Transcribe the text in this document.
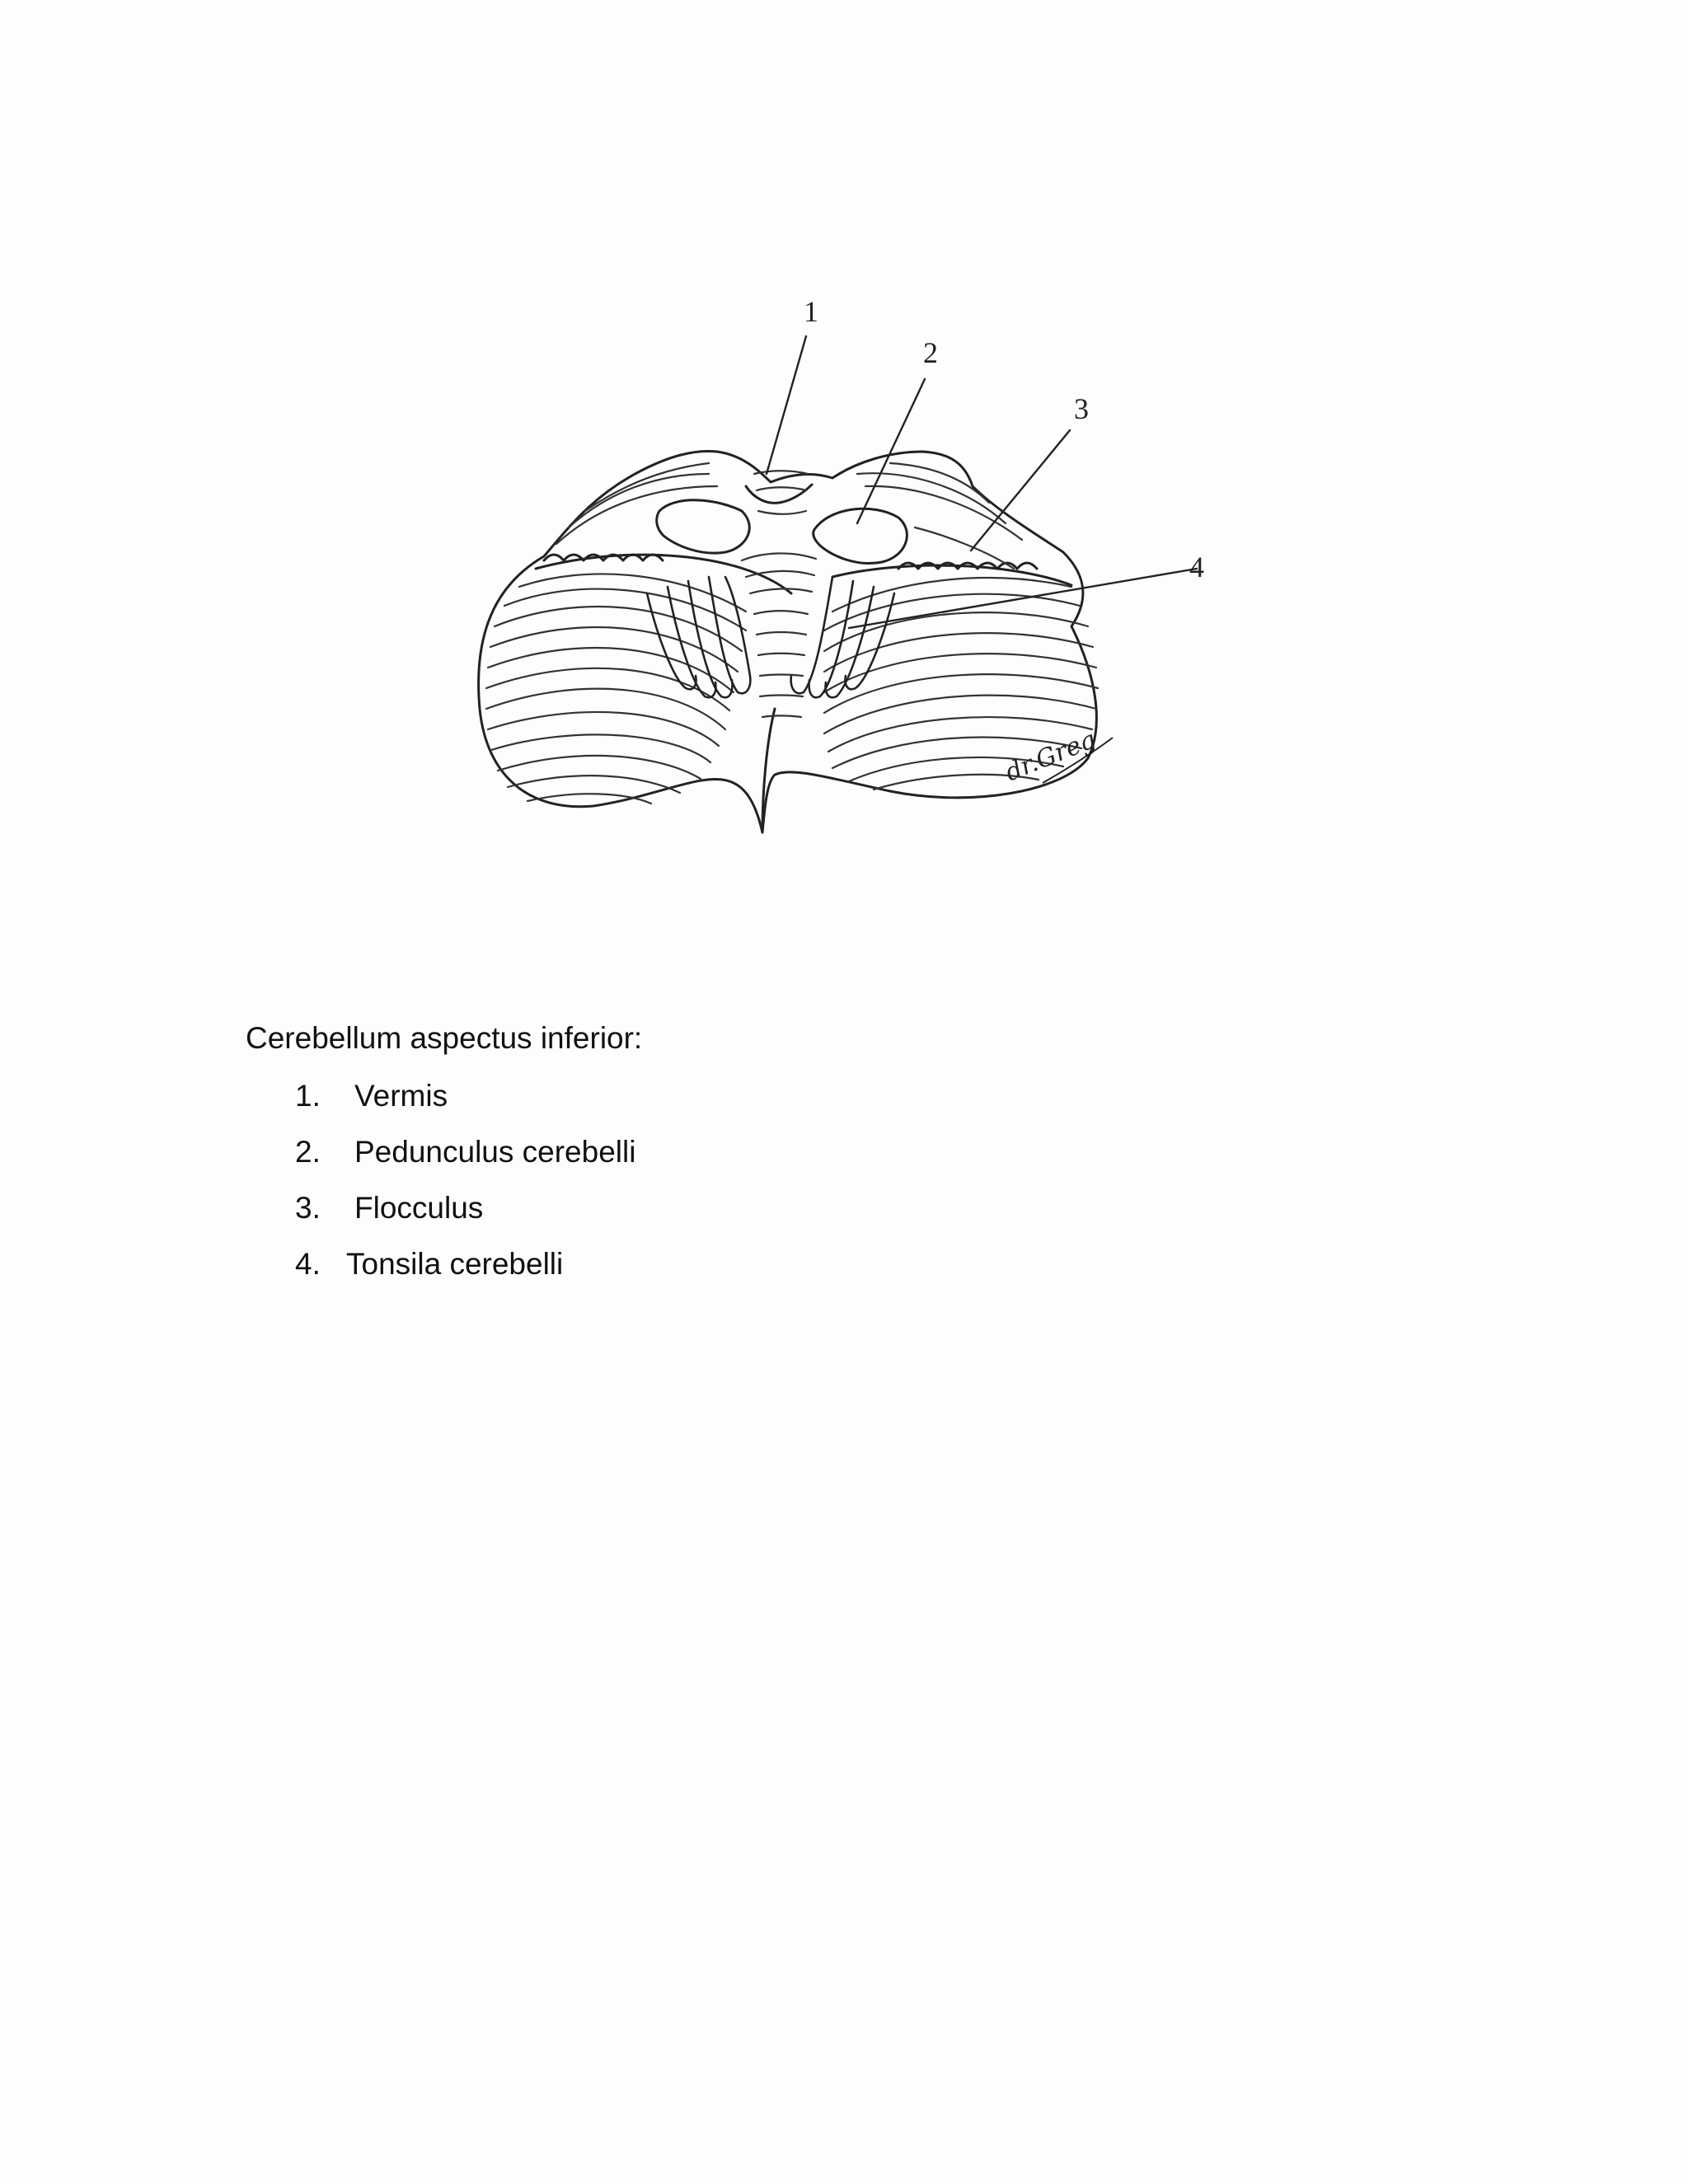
1
2
3
4
dr.Greg
Cerebellum aspectus inferior:
1. Vermis
2. Pedunculus cerebelli
3. Flocculus
4. Tonsila cerebelli
